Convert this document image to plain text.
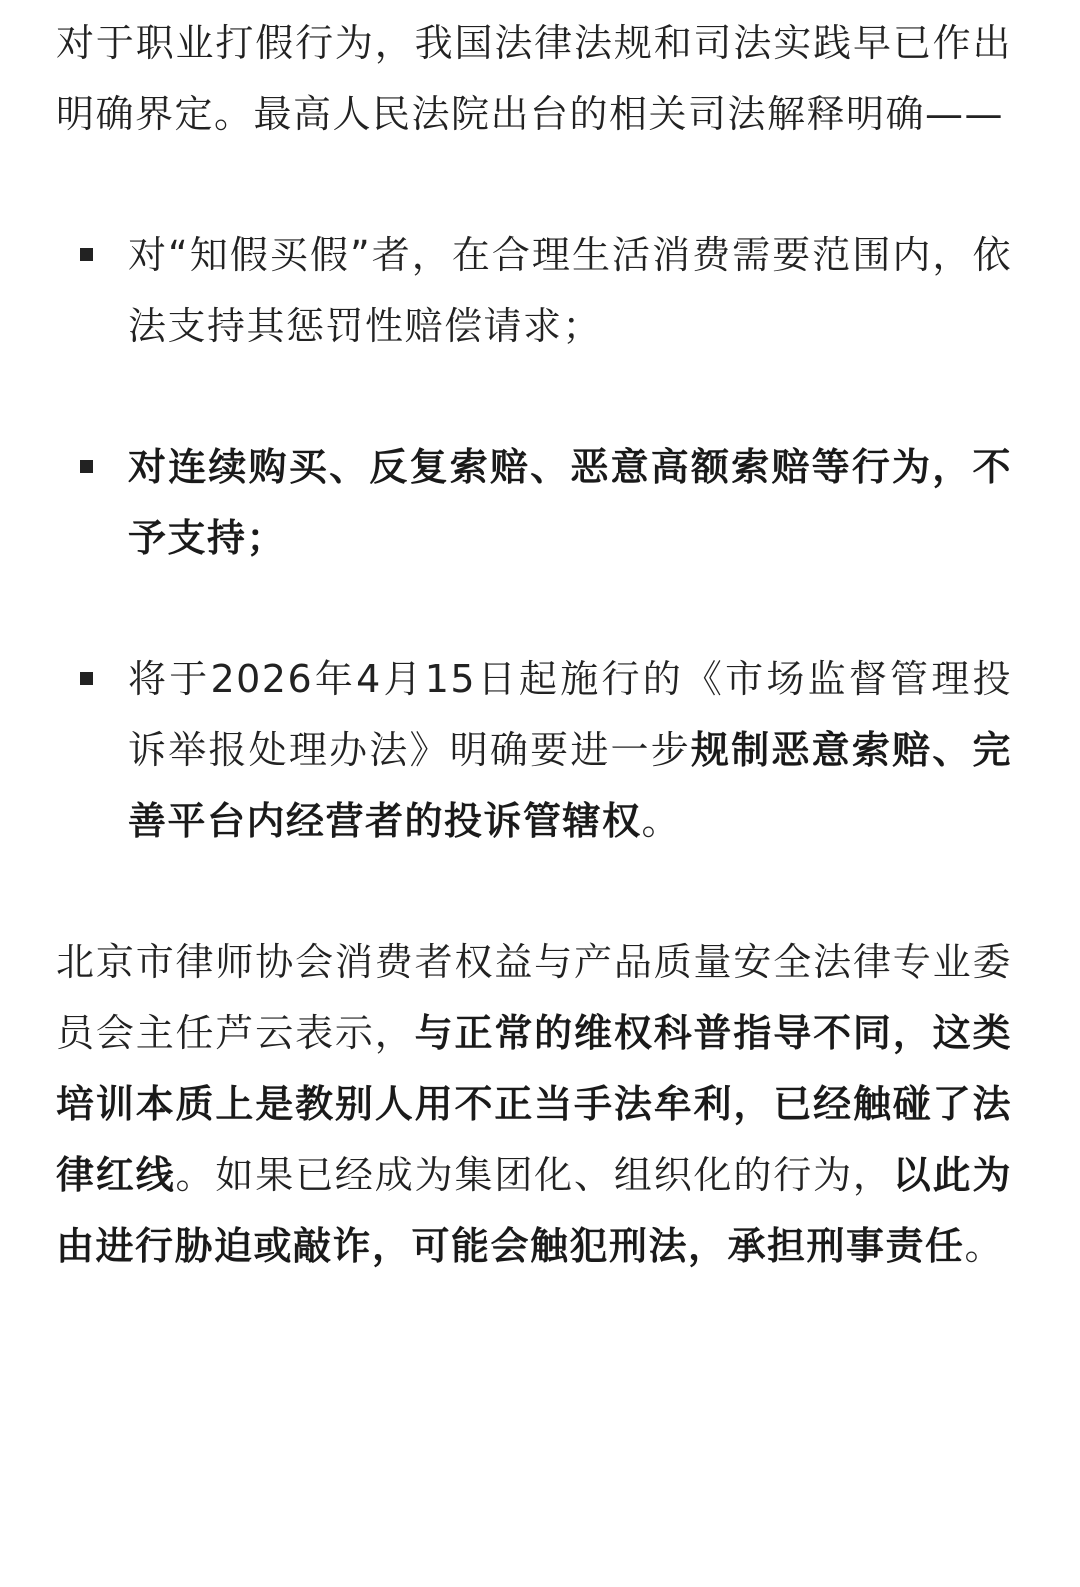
对于职业打假行为，我国法律法规和司法实践早已作出明确界定。最高人民法院出台的相关司法解释明确——

对“知假买假”者，在合理生活消费需要范围内，依法支持其惩罚性赔偿请求；
对连续购买、反复索赔、恶意高额索赔等行为，不予支持；
将于2026年4月15日起施行的《市场监督管理投诉举报处理办法》明确要进一步规制恶意索赔、完善平台内经营者的投诉管辖权。

北京市律师协会消费者权益与产品质量安全法律专业委员会主任芦云表示，与正常的维权科普指导不同，这类培训本质上是教别人用不正当手法牟利，已经触碰了法律红线。如果已经成为集团化、组织化的行为，以此为由进行胁迫或敲诈，可能会触犯刑法，承担刑事责任。
